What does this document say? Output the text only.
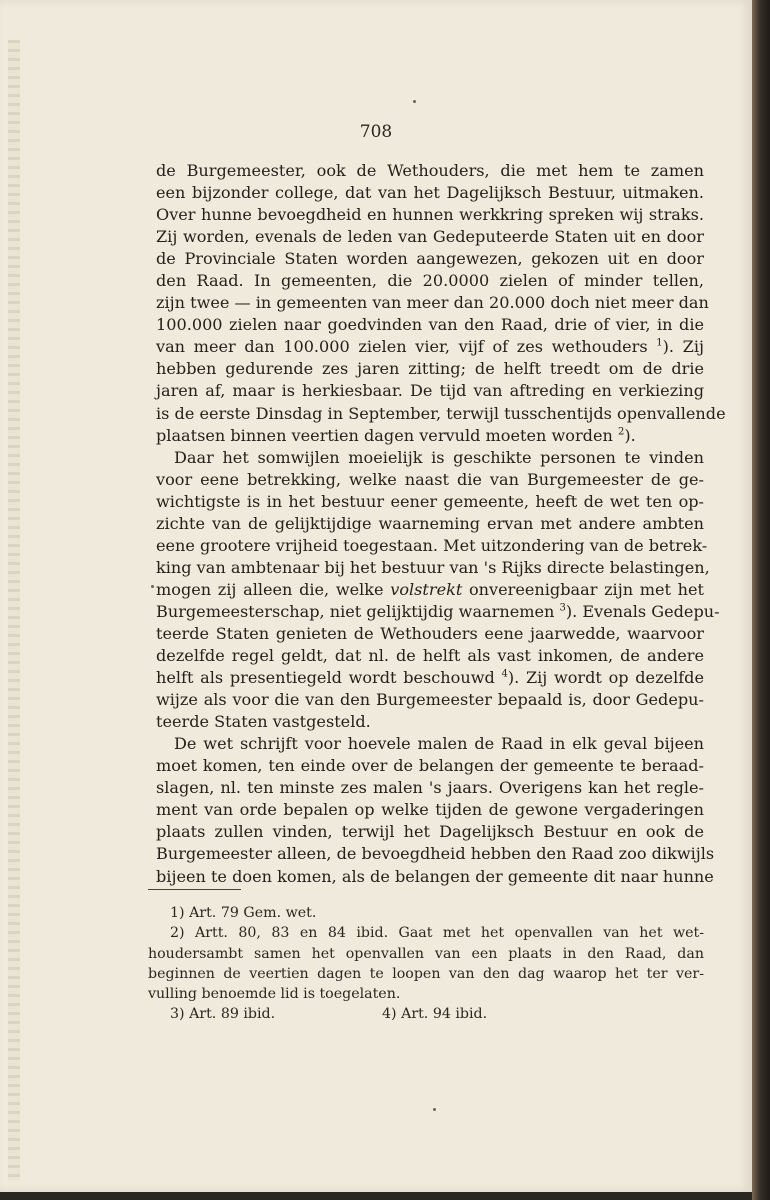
708
de Burgemeester, ook de Wethouders, die met hem te zamen
een bijzonder college, dat van het Dagelijksch Bestuur, uitmaken.
Over hunne bevoegdheid en hunnen werkkring spreken wij straks.
Zij worden, evenals de leden van Gedeputeerde Staten uit en door
de Provinciale Staten worden aangewezen, gekozen uit en door
den Raad. In gemeenten, die 20.0000 zielen of minder tellen,
zijn twee — in gemeenten van meer dan 20.000 doch niet meer dan
100.000 zielen naar goedvinden van den Raad, drie of vier, in die
van meer dan 100.000 zielen vier, vijf of zes wethouders $^1$). Zij
hebben gedurende zes jaren zitting; de helft treedt om de drie
jaren af, maar is herkiesbaar. De tijd van aftreding en verkiezing
is de eerste Dinsdag in September, terwijl tusschentijds openvallende
plaatsen binnen veertien dagen vervuld moeten worden $^2$).
Daar het somwijlen moeielijk is geschikte personen te vinden
voor eene betrekking, welke naast die van Burgemeester de ge-
wichtigste is in het bestuur eener gemeente, heeft de wet ten op-
zichte van de gelijktijdige waarneming ervan met andere ambten
eene grootere vrijheid toegestaan. Met uitzondering van de betrek-
king van ambtenaar bij het bestuur van 's Rijks directe belastingen,
mogen zij alleen die, welke volstrekt onvereenigbaar zijn met het
Burgemeesterschap, niet gelijktijdig waarnemen $^3$). Evenals Gedepu-
teerde Staten genieten de Wethouders eene jaarwedde, waarvoor
dezelfde regel geldt, dat nl. de helft als vast inkomen, de andere
helft als presentiegeld wordt beschouwd $^4$). Zij wordt op dezelfde
wijze als voor die van den Burgemeester bepaald is, door Gedepu-
teerde Staten vastgesteld.
De wet schrijft voor hoevele malen de Raad in elk geval bijeen
moet komen, ten einde over de belangen der gemeente te beraad-
slagen, nl. ten minste zes malen 's jaars. Overigens kan het regle-
ment van orde bepalen op welke tijden de gewone vergaderingen
plaats zullen vinden, terwijl het Dagelijksch Bestuur en ook de
Burgemeester alleen, de bevoegdheid hebben den Raad zoo dikwijls
bijeen te doen komen, als de belangen der gemeente dit naar hunne
1) Art. 79 Gem. wet.
2) Artt. 80, 83 en 84 ibid. Gaat met het openvallen van het wet-
houdersambt samen het openvallen van een plaats in den Raad, dan
beginnen de veertien dagen te loopen van den dag waarop het ter ver-
vulling benoemde lid is toegelaten.
3) Art. 89 ibid.	4) Art. 94 ibid.
